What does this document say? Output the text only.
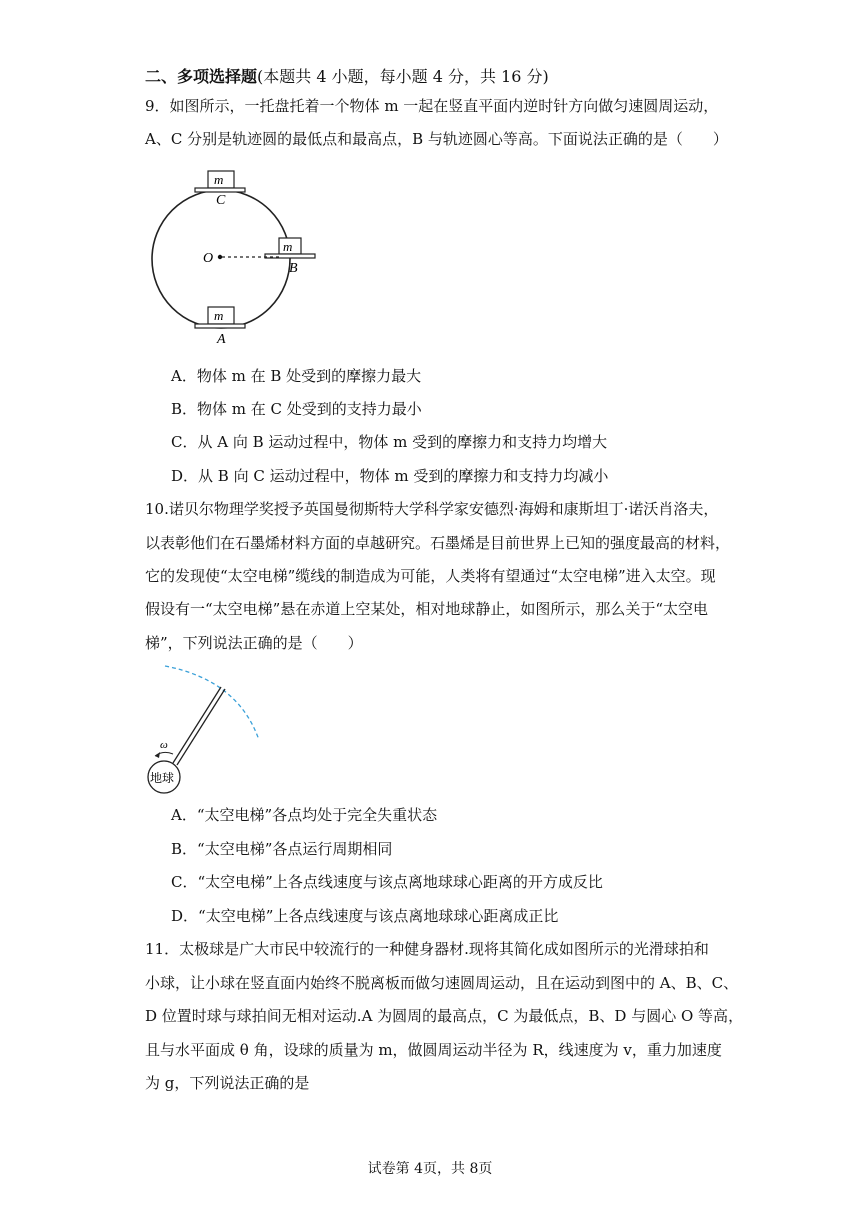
二、多项选择题(本题共 4 小题，每小题 4 分，共 16 分)
9．如图所示，一托盘托着一个物体 m 一起在竖直平面内逆时针方向做匀速圆周运动，
A、C 分别是轨迹圆的最低点和最高点，B 与轨迹圆心等高。下面说法正确的是（　　）
m
C
m
B
O
m
A
A．物体 m 在 B 处受到的摩擦力最大
B．物体 m 在 C 处受到的支持力最小
C．从 A 向 B 运动过程中，物体 m 受到的摩擦力和支持力均增大
D．从 B 向 C 运动过程中，物体 m 受到的摩擦力和支持力均减小
10.诺贝尔物理学奖授予英国曼彻斯特大学科学家安德烈·海姆和康斯坦丁·诺沃肖洛夫，
以表彰他们在石墨烯材料方面的卓越研究。石墨烯是目前世界上已知的强度最高的材料，
它的发现使“太空电梯”缆线的制造成为可能，人类将有望通过“太空电梯”进入太空。现
假设有一“太空电梯”悬在赤道上空某处，相对地球静止，如图所示，那么关于“太空电
梯”，下列说法正确的是（　　）
地球
ω
A．“太空电梯”各点均处于完全失重状态
B．“太空电梯”各点运行周期相同
C．“太空电梯”上各点线速度与该点离地球球心距离的开方成反比
D．“太空电梯”上各点线速度与该点离地球球心距离成正比
11．太极球是广大市民中较流行的一种健身器材.现将其简化成如图所示的光滑球拍和
小球，让小球在竖直面内始终不脱离板而做匀速圆周运动，且在运动到图中的 A、B、C、
D 位置时球与球拍间无相对运动.A 为圆周的最高点，C 为最低点，B、D 与圆心 O 等高，
且与水平面成 θ 角，设球的质量为 m，做圆周运动半径为 R，线速度为 v，重力加速度
为 g，下列说法正确的是
试卷第 4页，共 8页
